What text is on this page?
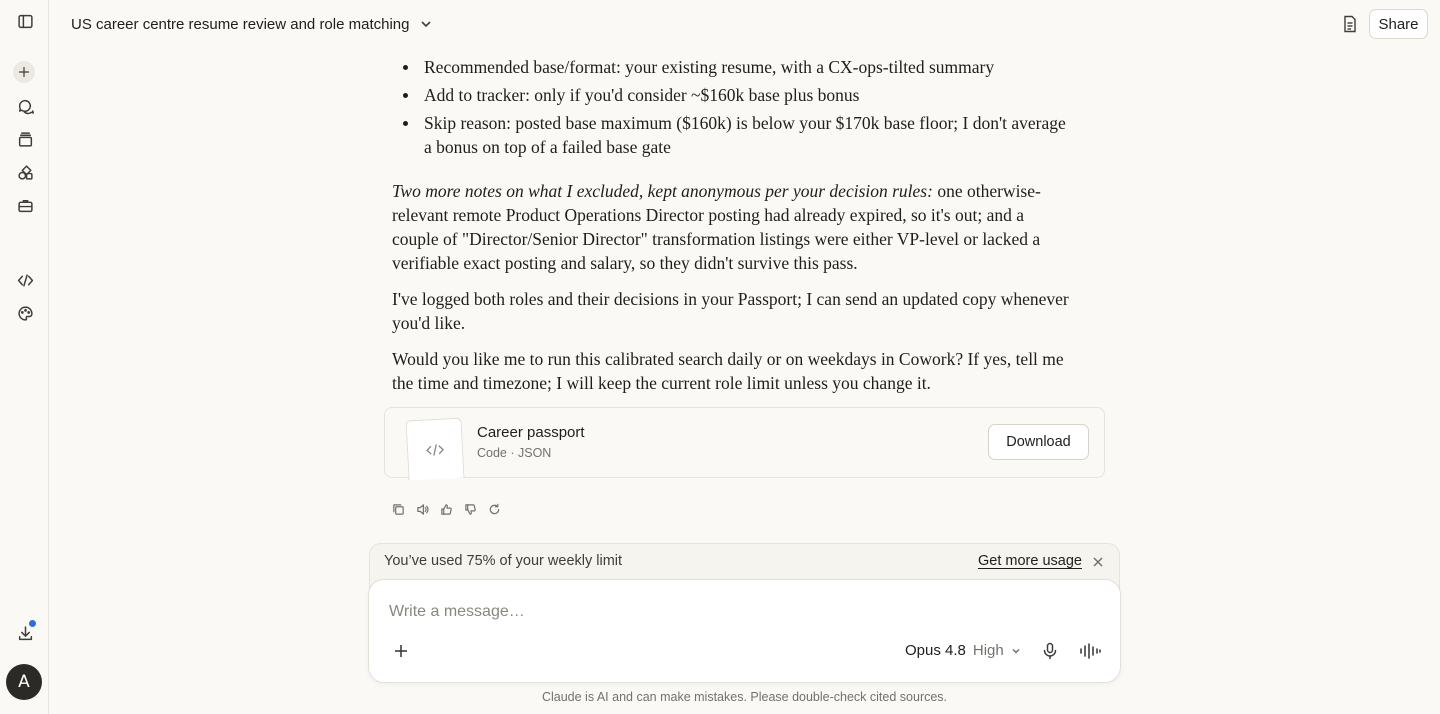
A
US career centre resume review and role matching	Share
Recommended base/format: your existing resume, with a CX-ops-tilted summary
Add to tracker: only if you'd consider ~$160k base plus bonus
Skip reason: posted base maximum ($160k) is below your $170k base floor; I don't average a bonus on top of a failed base gate

Two more notes on what I excluded, kept anonymous per your decision rules: one otherwise-relevant remote Product Operations Director posting had already expired, so it's out; and a couple of "Director/Senior Director" transformation listings were either VP-level or lacked a verifiable exact posting and salary, so they didn't survive this pass.

I've logged both roles and their decisions in your Passport; I can send an updated copy whenever you'd like.

Would you like me to run this calibrated search daily or on weekdays in Cowork? If yes, tell me the time and timezone; I will keep the current role limit unless you change it.

Career passport
Code · JSON
Download
You’ve used 75% of your weekly limit	Get more usage
Write a message…
Opus 4.8 High
Claude is AI and can make mistakes. Please double-check cited sources.
